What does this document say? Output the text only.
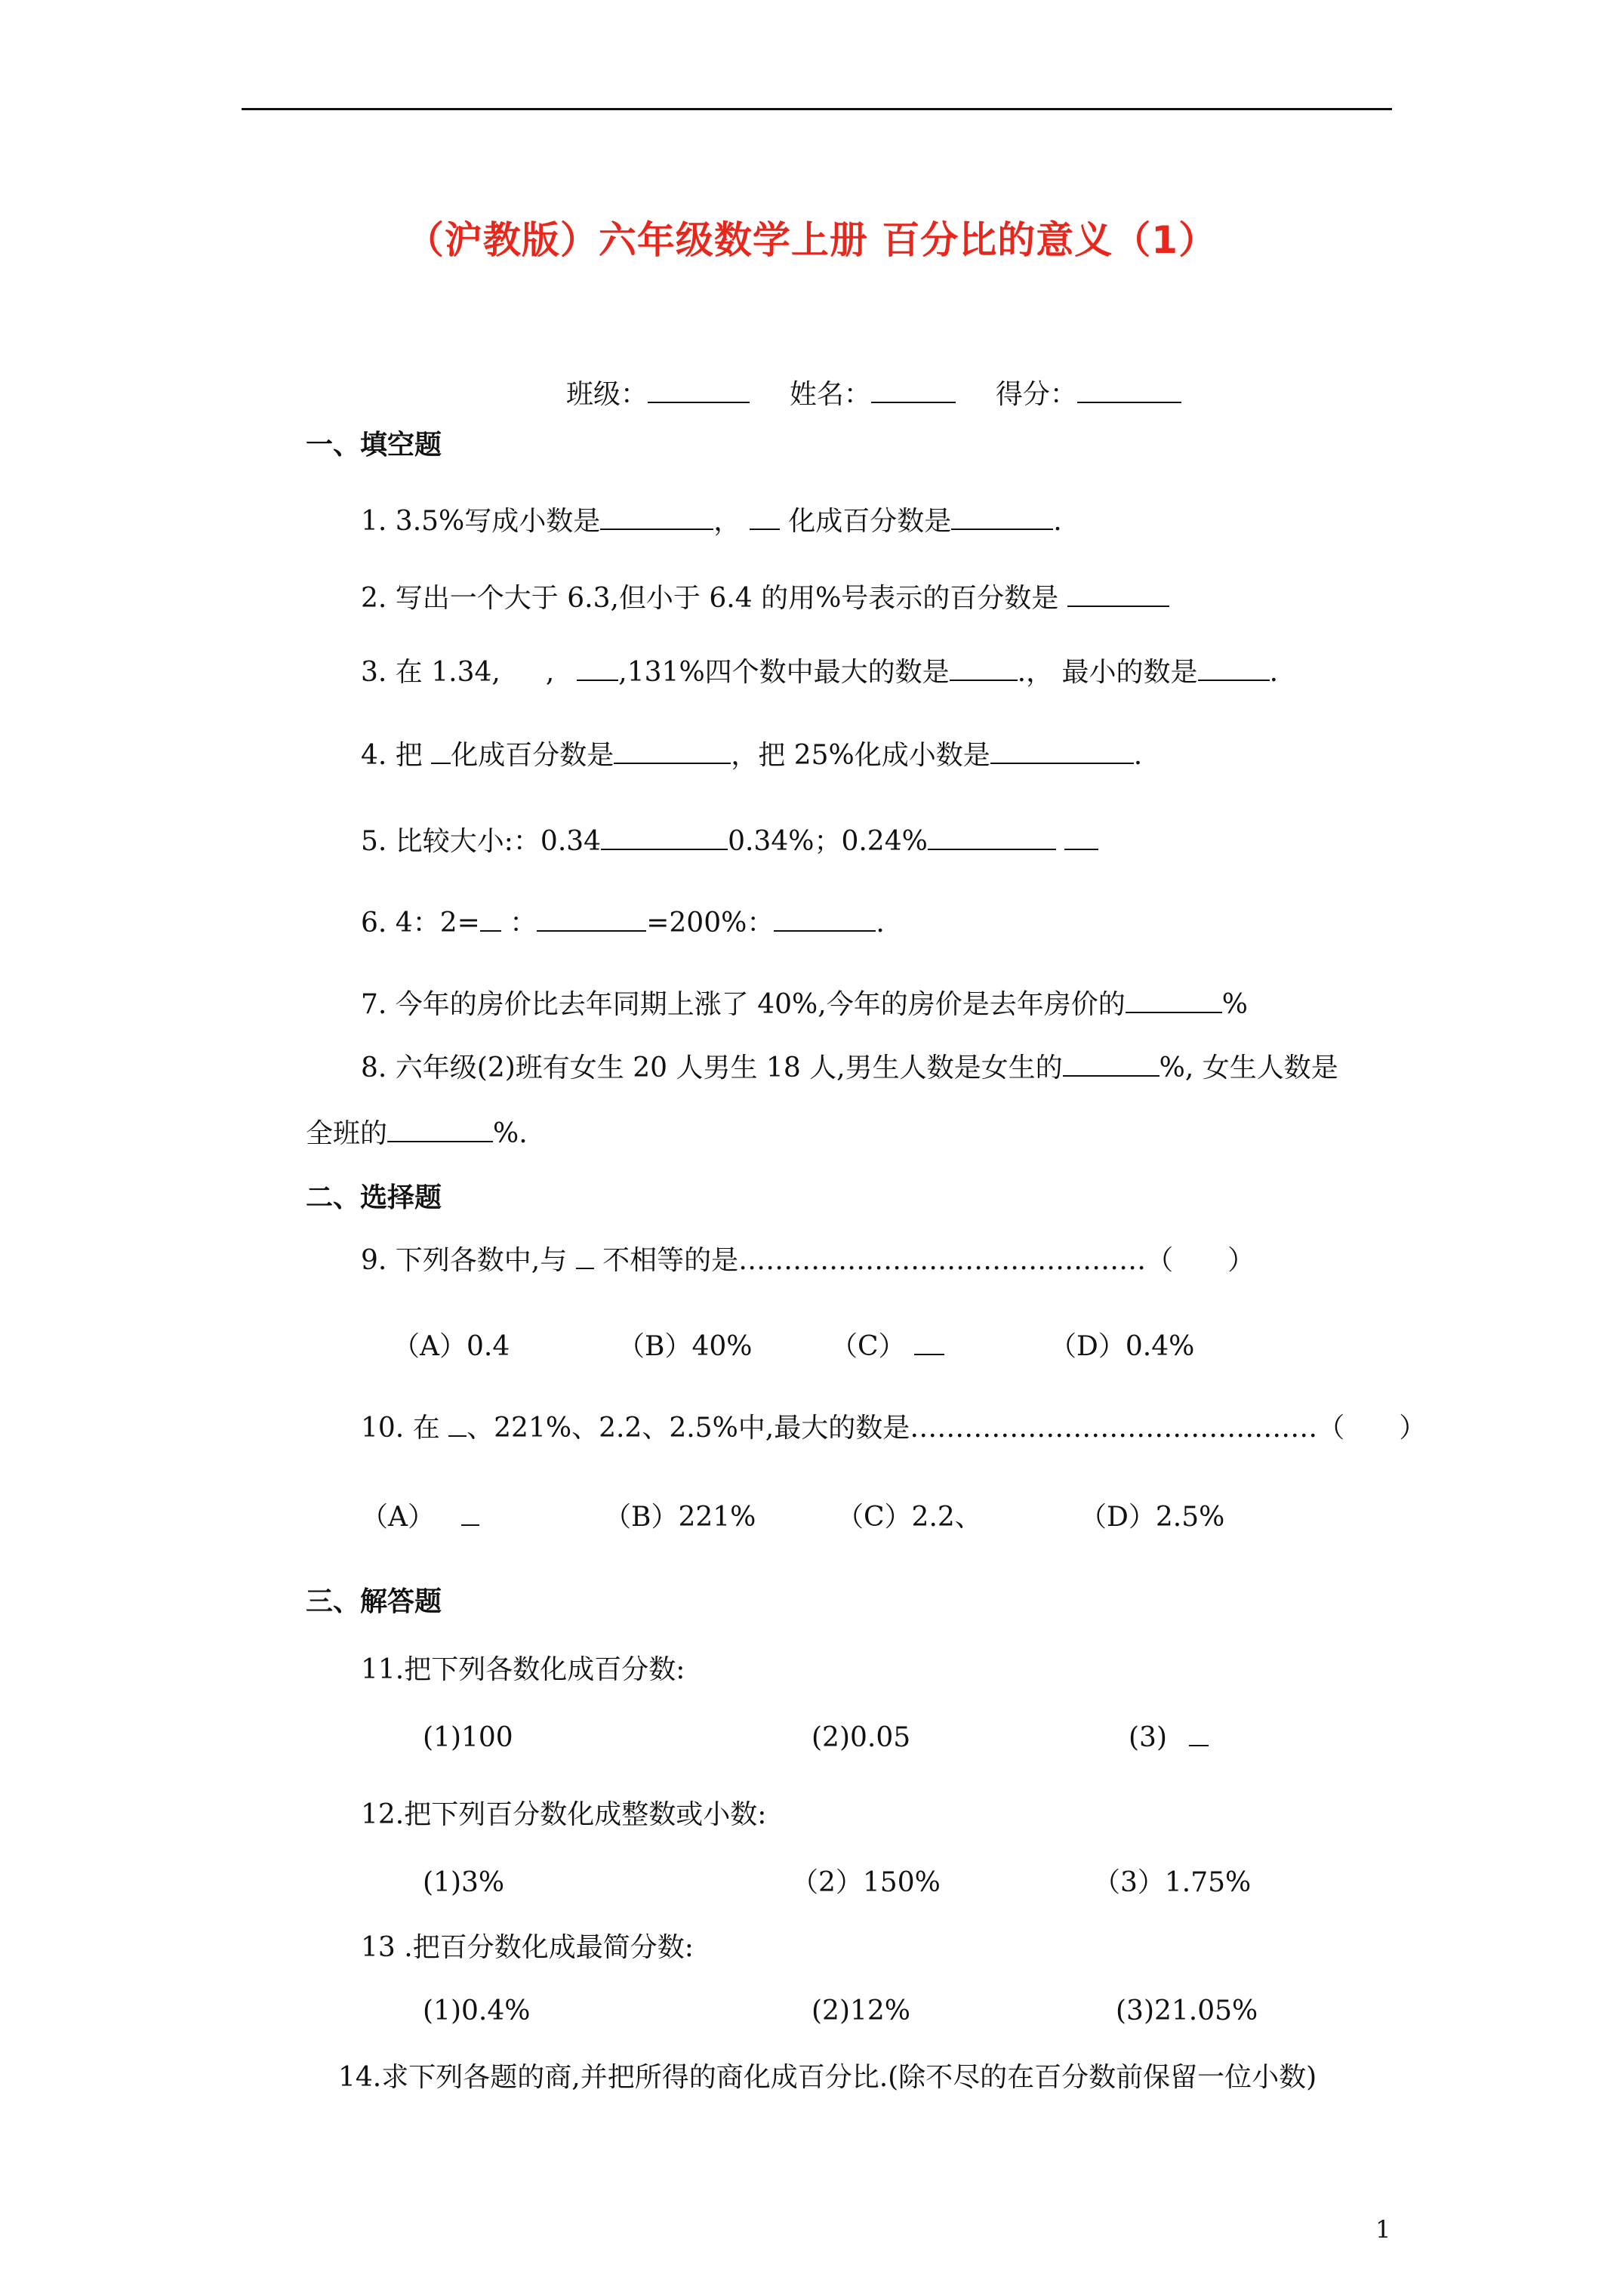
（沪教版）六年级数学上册 百分比的意义（1）
班级：	姓名：	得分：
一、填空题
1. 3.5%写成小数是	， 化成百分数是	.
2. 写出一个大于 6.3,但小于 6.4 的用%号表示的百分数是
3. 在 1.34, , ,131%四个数中最大的数是	.， 最小的数是	.
4. 把 化成百分数是	，把 25%化成小数是	.
5. 比较大小:：0.34	0.34%；0.24%
6. 4：2= ：	=200%：	.
7. 今年的房价比去年同期上涨了 40%,今年的房价是去年房价的	%
8. 六年级(2)班有女生 20 人男生 18 人,男生人数是女生的	%, 女生人数是
全班的	%.
二、选择题
9. 下列各数中,与 不相等的是………………………………………（　　）
（A）0.4	（B）40%	（C）	（D）0.4%
10. 在 、221%、2.2、2.5%中,最大的数是………………………………………（　　）
（A）	（B）221%	（C）2.2、	（D）2.5%
三、解答题
11.把下列各数化成百分数:
(1)100	(2)0.05	(3)
12.把下列百分数化成整数或小数:
(1)3%	（2）150%	（3）1.75%
13 .把百分数化成最简分数:
(1)0.4%	(2)12%	(3)21.05%
14.求下列各题的商,并把所得的商化成百分比.(除不尽的在百分数前保留一位小数)
1
